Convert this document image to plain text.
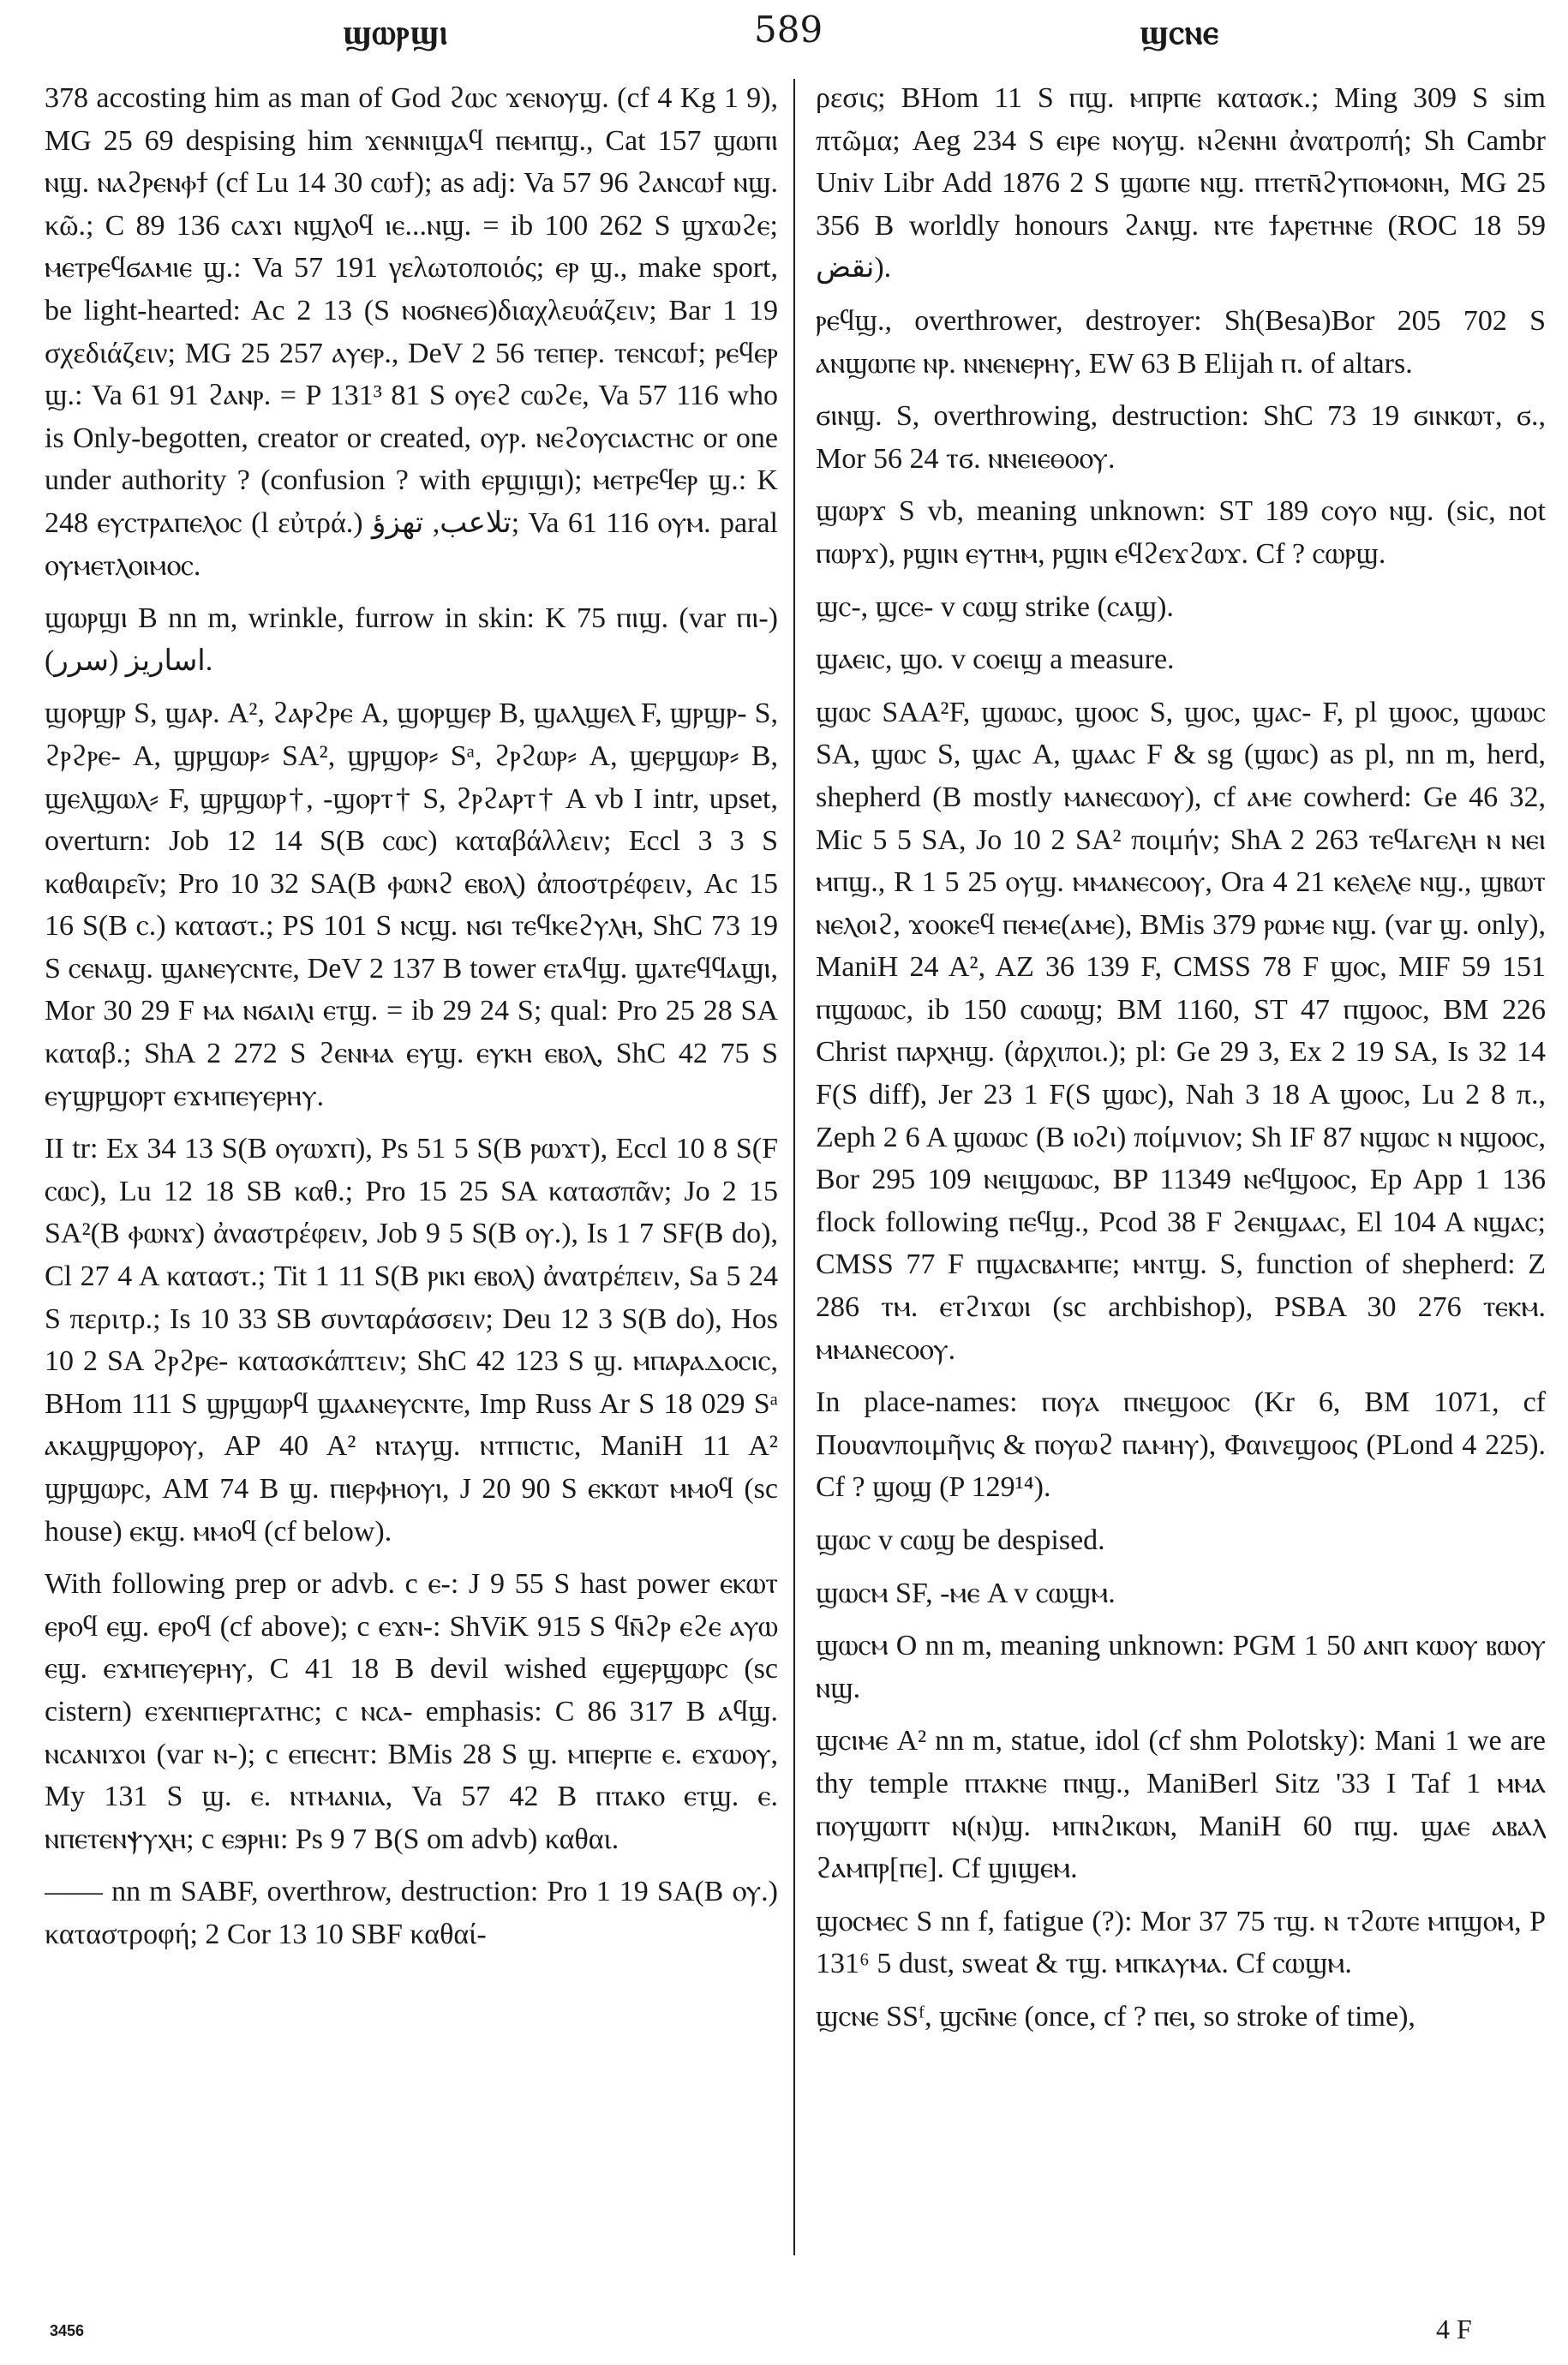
ϣⲱⲣϣⲓ	589	ϣⲥⲛⲉ

378 accosting him as man of God ϩⲱⲥ ϫⲉⲛⲟⲩϣ. (cf 4 Kg 1 9), MG 25 69 despising him ϫⲉⲛⲛⲓϣⲁϥ ⲡⲉⲙⲡϣ., Cat 157 ϣⲱⲡⲓ ⲛϣ. ⲛⲁϩⲣⲉⲛⲫϯ (cf Lu 14 30 ⲥⲱϯ); as adj: Va 57 96 ϩⲁⲛⲥⲱϯ ⲛϣ. κῶ.; C 89 136 ⲥⲁϫⲓ ⲛϣⲗⲟϥ ⲓⲉ...ⲛϣ. = ib 100 262 S ϣϫⲱϩⲉ; ⲙⲉⲧⲣⲉϥϭⲁⲙⲓⲉ ϣ.: Va 57 191 γελωτοποιός; ⲉⲣ ϣ., make sport, be light-hearted: Ac 2 13 (S ⲛⲟϭⲛⲉϭ)διαχλευάζειν; Bar 1 19 σχεδιάζειν; MG 25 257 ⲁⲩⲉⲣ., DeV 2 56 ⲧⲉⲡⲉⲣ. ⲧⲉⲛⲥⲱϯ; ⲣⲉϥⲉⲣ ϣ.: Va 61 91 ϩⲁⲛⲣ. = P 131³ 81 S ⲟⲩⲉϩ ⲥⲱϩⲉ, Va 57 116 who is Only-begotten, creator or created, ⲟⲩⲣ. ⲛⲉϩⲟⲩⲥⲓⲁⲥⲧⲏⲥ or one under authority ? (confusion ? with ⲉⲣϣⲓϣⲓ); ⲙⲉⲧⲣⲉϥⲉⲣ ϣ.: K 248 ⲉⲩⲥⲧⲣⲁⲡⲉⲗⲟⲥ (l εὐτρά.) تلاعب, تهزؤ; Va 61 116 ⲟⲩⲙ. paral ⲟⲩⲙⲉⲧⲗⲟⲓⲙⲟⲥ.

ϣⲱⲣϣⲓ B nn m, wrinkle, furrow in skin: K 75 ⲡⲓϣ. (var ⲡⲓ-) اساريز (سرر).

ϣⲟⲣϣⲣ S, ϣⲁⲣ. A², ϩⲁⲣϩⲣⲉ A, ϣⲟⲣϣⲉⲣ B, ϣⲁⲗϣⲉⲗ F, ϣⲣϣⲣ- S, ϩⲣϩⲣⲉ- A, ϣⲣϣⲱⲣ⸗ SA², ϣⲣϣⲟⲣ⸗ Sᵃ, ϩⲣϩⲱⲣ⸗ A, ϣⲉⲣϣⲱⲣ⸗ B, ϣⲉⲗϣⲱⲗ⸗ F, ϣⲣϣⲱⲣ†, -ϣⲟⲣⲧ† S, ϩⲣϩⲁⲣⲧ† A vb I intr, upset, overturn: Job 12 14 S(B ⲥⲱⲥ) καταβάλλειν; Eccl 3 3 S καθαιρεῖν; Pro 10 32 SA(B ⲫⲱⲛϩ ⲉⲃⲟⲗ) ἀποστρέφειν, Ac 15 16 S(B ⲥ.) καταστ.; PS 101 S ⲛⲥϣ. ⲛϭⲓ ⲧⲉϥⲕⲉϩⲩⲗⲏ, ShC 73 19 S ⲥⲉⲛⲁϣ. ϣⲁⲛⲉⲩⲥⲛⲧⲉ, DeV 2 137 B tower ⲉⲧⲁϥϣ. ϣⲁⲧⲉϥϥⲁϣⲓ, Mor 30 29 F ⲙⲁ ⲛϭⲁⲓⲗⲓ ⲉⲧϣ. = ib 29 24 S; qual: Pro 25 28 SA καταβ.; ShA 2 272 S ϩⲉⲛⲙⲁ ⲉⲩϣ. ⲉⲩⲕⲏ ⲉⲃⲟⲗ, ShC 42 75 S ⲉⲩϣⲣϣⲟⲣⲧ ⲉϫⲙⲡⲉⲩⲉⲣⲏⲩ.

II tr: Ex 34 13 S(B ⲟⲩⲱϫⲡ), Ps 51 5 S(B ⲣⲱϫⲧ), Eccl 10 8 S(F ⲥⲱⲥ), Lu 12 18 SB καθ.; Pro 15 25 SA κατασπᾶν; Jo 2 15 SA²(B ⲫⲱⲛϫ) ἀναστρέφειν, Job 9 5 S(B ⲟⲩ.), Is 1 7 SF(B do), Cl 27 4 A καταστ.; Tit 1 11 S(B ⲣⲓⲕⲓ ⲉⲃⲟⲗ) ἀνατρέπειν, Sa 5 24 S περιτρ.; Is 10 33 SB συνταράσσειν; Deu 12 3 S(B do), Hos 10 2 SA ϩⲣϩⲣⲉ- κατασκάπτειν; ShC 42 123 S ϣ. ⲙⲡⲁⲣⲁⲇⲟⲥⲓⲥ, BHom 111 S ϣⲣϣⲱⲣϥ ϣⲁⲁⲛⲉⲩⲥⲛⲧⲉ, Imp Russ Ar S 18 029 Sᵃ ⲁⲕⲁϣⲣϣⲟⲣⲟⲩ, AP 40 A² ⲛⲧⲁⲩϣ. ⲛⲧⲡⲓⲥⲧⲓⲥ, ManiH 11 A² ϣⲣϣⲱⲣⲥ, AM 74 B ϣ. ⲡⲓⲉⲣⲫⲏⲟⲩⲓ, J 20 90 S ⲉⲕⲕⲱⲧ ⲙⲙⲟϥ (sc house) ⲉⲕϣ. ⲙⲙⲟϥ (cf below).

With following prep or advb. c ⲉ-: J 9 55 S hast power ⲉⲕⲱⲧ ⲉⲣⲟϥ ⲉϣ. ⲉⲣⲟϥ (cf above); c ⲉϫⲛ-: ShViK 915 S ϥⲛ̄ϩⲣ ⲉϩⲉ ⲁⲩⲱ ⲉϣ. ⲉϫⲙⲡⲉⲩⲉⲣⲏⲩ, C 41 18 B devil wished ⲉϣⲉⲣϣⲱⲣⲥ (sc cistern) ⲉϫⲉⲛⲡⲓⲉⲣⲅⲁⲧⲏⲥ; c ⲛⲥⲁ- emphasis: C 86 317 B ⲁϥϣ. ⲛⲥⲁⲛⲓϫⲟⲓ (var ⲛ-); c ⲉⲡⲉⲥⲏⲧ: BMis 28 S ϣ. ⲙⲡⲉⲣⲡⲉ ⲉ. ⲉϫⲱⲟⲩ, My 131 S ϣ. ⲉ. ⲛⲧⲙⲁⲛⲓⲁ, Va 57 42 B ⲡⲧⲁⲕⲟ ⲉⲧϣ. ⲉ. ⲛⲡⲉⲧⲉⲛⲯⲩⲭⲏ; c ⲉϧⲣⲏⲓ: Ps 9 7 B(S om advb) καθαι.

—— nn m SABF, overthrow, destruction: Pro 1 19 SA(B ⲟⲩ.) καταστροφή; 2 Cor 13 10 SBF καθαί-

ρεσις; BHom 11 S ⲡϣ. ⲙⲡⲣⲡⲉ κατασκ.; Ming 309 S sim πτῶμα; Aeg 234 S ⲉⲓⲣⲉ ⲛⲟⲩϣ. ⲛϩⲉⲛⲏⲓ ἀνατροπή; Sh Cambr Univ Libr Add 1876 2 S ϣⲱⲡⲉ ⲛϣ. ⲡⲧⲉⲧⲛ̄ϩⲩⲡⲟⲙⲟⲛⲏ, MG 25 356 B worldly honours ϩⲁⲛϣ. ⲛⲧⲉ ϯⲁⲣⲉⲧⲏⲛⲉ (ROC 18 59 نقض).

ⲣⲉϥϣ., overthrower, destroyer: Sh(Besa)Bor 205 702 S ⲁⲛϣⲱⲡⲉ ⲛⲣ. ⲛⲛⲉⲛⲉⲣⲏⲩ, EW 63 B Elijah ⲡ. of altars.

ϭⲓⲛϣ. S, overthrowing, destruction: ShC 73 19 ϭⲓⲛⲕⲱⲧ, ϭ., Mor 56 24 ⲧϭ. ⲛⲛⲉⲓⲉⲑⲟⲟⲩ.

ϣⲱⲣϫ S vb, meaning unknown: ST 189 ⲥⲟⲩⲟ ⲛϣ. (sic, not ⲡⲱⲣϫ), ⲣϣⲓⲛ ⲉⲩⲧⲏⲙ, ⲣϣⲓⲛ ⲉϥϩⲉϫϩⲱϫ. Cf ? ⲥⲱⲣϣ.

ϣⲥ-, ϣⲥⲉ- v ⲥⲱϣ strike (ⲥⲁϣ).

ϣⲁⲉⲓⲥ, ϣⲟ. v ⲥⲟⲉⲓϣ a measure.

ϣⲱⲥ SAA²F, ϣⲱⲱⲥ, ϣⲟⲟⲥ S, ϣⲟⲥ, ϣⲁⲥ- F, pl ϣⲟⲟⲥ, ϣⲱⲱⲥ SA, ϣⲱⲥ S, ϣⲁⲥ A, ϣⲁⲁⲥ F & sg (ϣⲱⲥ) as pl, nn m, herd, shepherd (B mostly ⲙⲁⲛⲉⲥⲱⲟⲩ), cf ⲁⲙⲉ cowherd: Ge 46 32, Mic 5 5 SA, Jo 10 2 SA² ποιμήν; ShA 2 263 ⲧⲉϥⲁⲅⲉⲗⲏ ⲛ ⲛⲉⲓ ⲙⲡϣ., R 1 5 25 ⲟⲩϣ. ⲙⲙⲁⲛⲉⲥⲟⲟⲩ, Ora 4 21 ⲕⲉⲗⲉⲗⲉ ⲛϣ., ϣⲃⲱⲧ ⲛⲉⲗⲟⲓϩ, ϫⲟⲟⲕⲉϥ ⲡⲉⲙⲉ(ⲁⲙⲉ), BMis 379 ⲣⲱⲙⲉ ⲛϣ. (var ϣ. only), ManiH 24 A², AZ 36 139 F, CMSS 78 F ϣⲟⲥ, MIF 59 151 ⲡϣⲱⲱⲥ, ib 150 ⲥⲱⲱϣ; BM 1160, ST 47 ⲡϣⲟⲟⲥ, BM 226 Christ ⲡⲁⲣⲭⲏϣ. (ἀρχιποι.); pl: Ge 29 3, Ex 2 19 SA, Is 32 14 F(S diff), Jer 23 1 F(S ϣⲱⲥ), Nah 3 18 A ϣⲟⲟⲥ, Lu 2 8 π., Zeph 2 6 A ϣⲱⲱⲥ (B ⲓⲟϩⲓ) ποίμνιον; Sh IF 87 ⲛϣⲱⲥ ⲛ ⲛϣⲟⲟⲥ, Bor 295 109 ⲛⲉⲓϣⲱⲱⲥ, BP 11349 ⲛⲉϥϣⲟⲟⲥ, Ep App 1 136 flock following ⲡⲉϥϣ., Pcod 38 F ϩⲉⲛϣⲁⲁⲥ, El 104 A ⲛϣⲁⲥ; CMSS 77 F ⲡϣⲁⲥⲃⲁⲙⲡⲉ; ⲙⲛⲧϣ. S, function of shepherd: Z 286 ⲧⲙ. ⲉⲧϩⲓϫⲱⲓ (sc archbishop), PSBA 30 276 ⲧⲉⲕⲙ. ⲙⲙⲁⲛⲉⲥⲟⲟⲩ.

In place-names: ⲡⲟⲩⲁ ⲡⲛⲉϣⲟⲟⲥ (Kr 6, BM 1071, cf Πουανποιμῆνις & ⲡⲟⲩⲱϩ ⲡⲁⲙⲏⲩ), Φαινεϣοος (PLond 4 225). Cf ? ϣⲟϣ (P 129¹⁴).

ϣⲱⲥ v ⲥⲱϣ be despised.

ϣⲱⲥⲙ SF, -ⲙⲉ A v ⲥⲱϣⲙ.

ϣⲱⲥⲙ O nn m, meaning unknown: PGM 1 50 ⲁⲛⲡ ⲕⲱⲟⲩ ⲃⲱⲟⲩ ⲛϣ.

ϣⲥⲓⲙⲉ A² nn m, statue, idol (cf shm Polotsky): Mani 1 we are thy temple ⲡⲧⲁⲕⲛⲉ ⲡⲛϣ., ManiBerl Sitz '33 I Taf 1 ⲙⲙⲁ ⲡⲟⲩϣⲱⲡⲧ ⲛ(ⲛ)ϣ. ⲙⲡⲛϩⲓⲕⲱⲛ, ManiH 60 ⲡϣ. ϣⲁⲉ ⲁⲃⲁⲗ ϩⲁⲙⲡⲣ[ⲡⲉ]. Cf ϣⲓϣⲉⲙ.

ϣⲟⲥⲙⲉⲥ S nn f, fatigue (?): Mor 37 75 ⲧϣ. ⲛ ⲧϩⲱⲧⲉ ⲙⲡϣⲟⲙ, P 131⁶ 5 dust, sweat & ⲧϣ. ⲙⲡⲕⲁⲩⲙⲁ. Cf ⲥⲱϣⲙ.

ϣⲥⲛⲉ SSᶠ, ϣⲥⲛ̄ⲛⲉ (once, cf ? ⲡⲉⲓ, so stroke of time),

3456	4 F
